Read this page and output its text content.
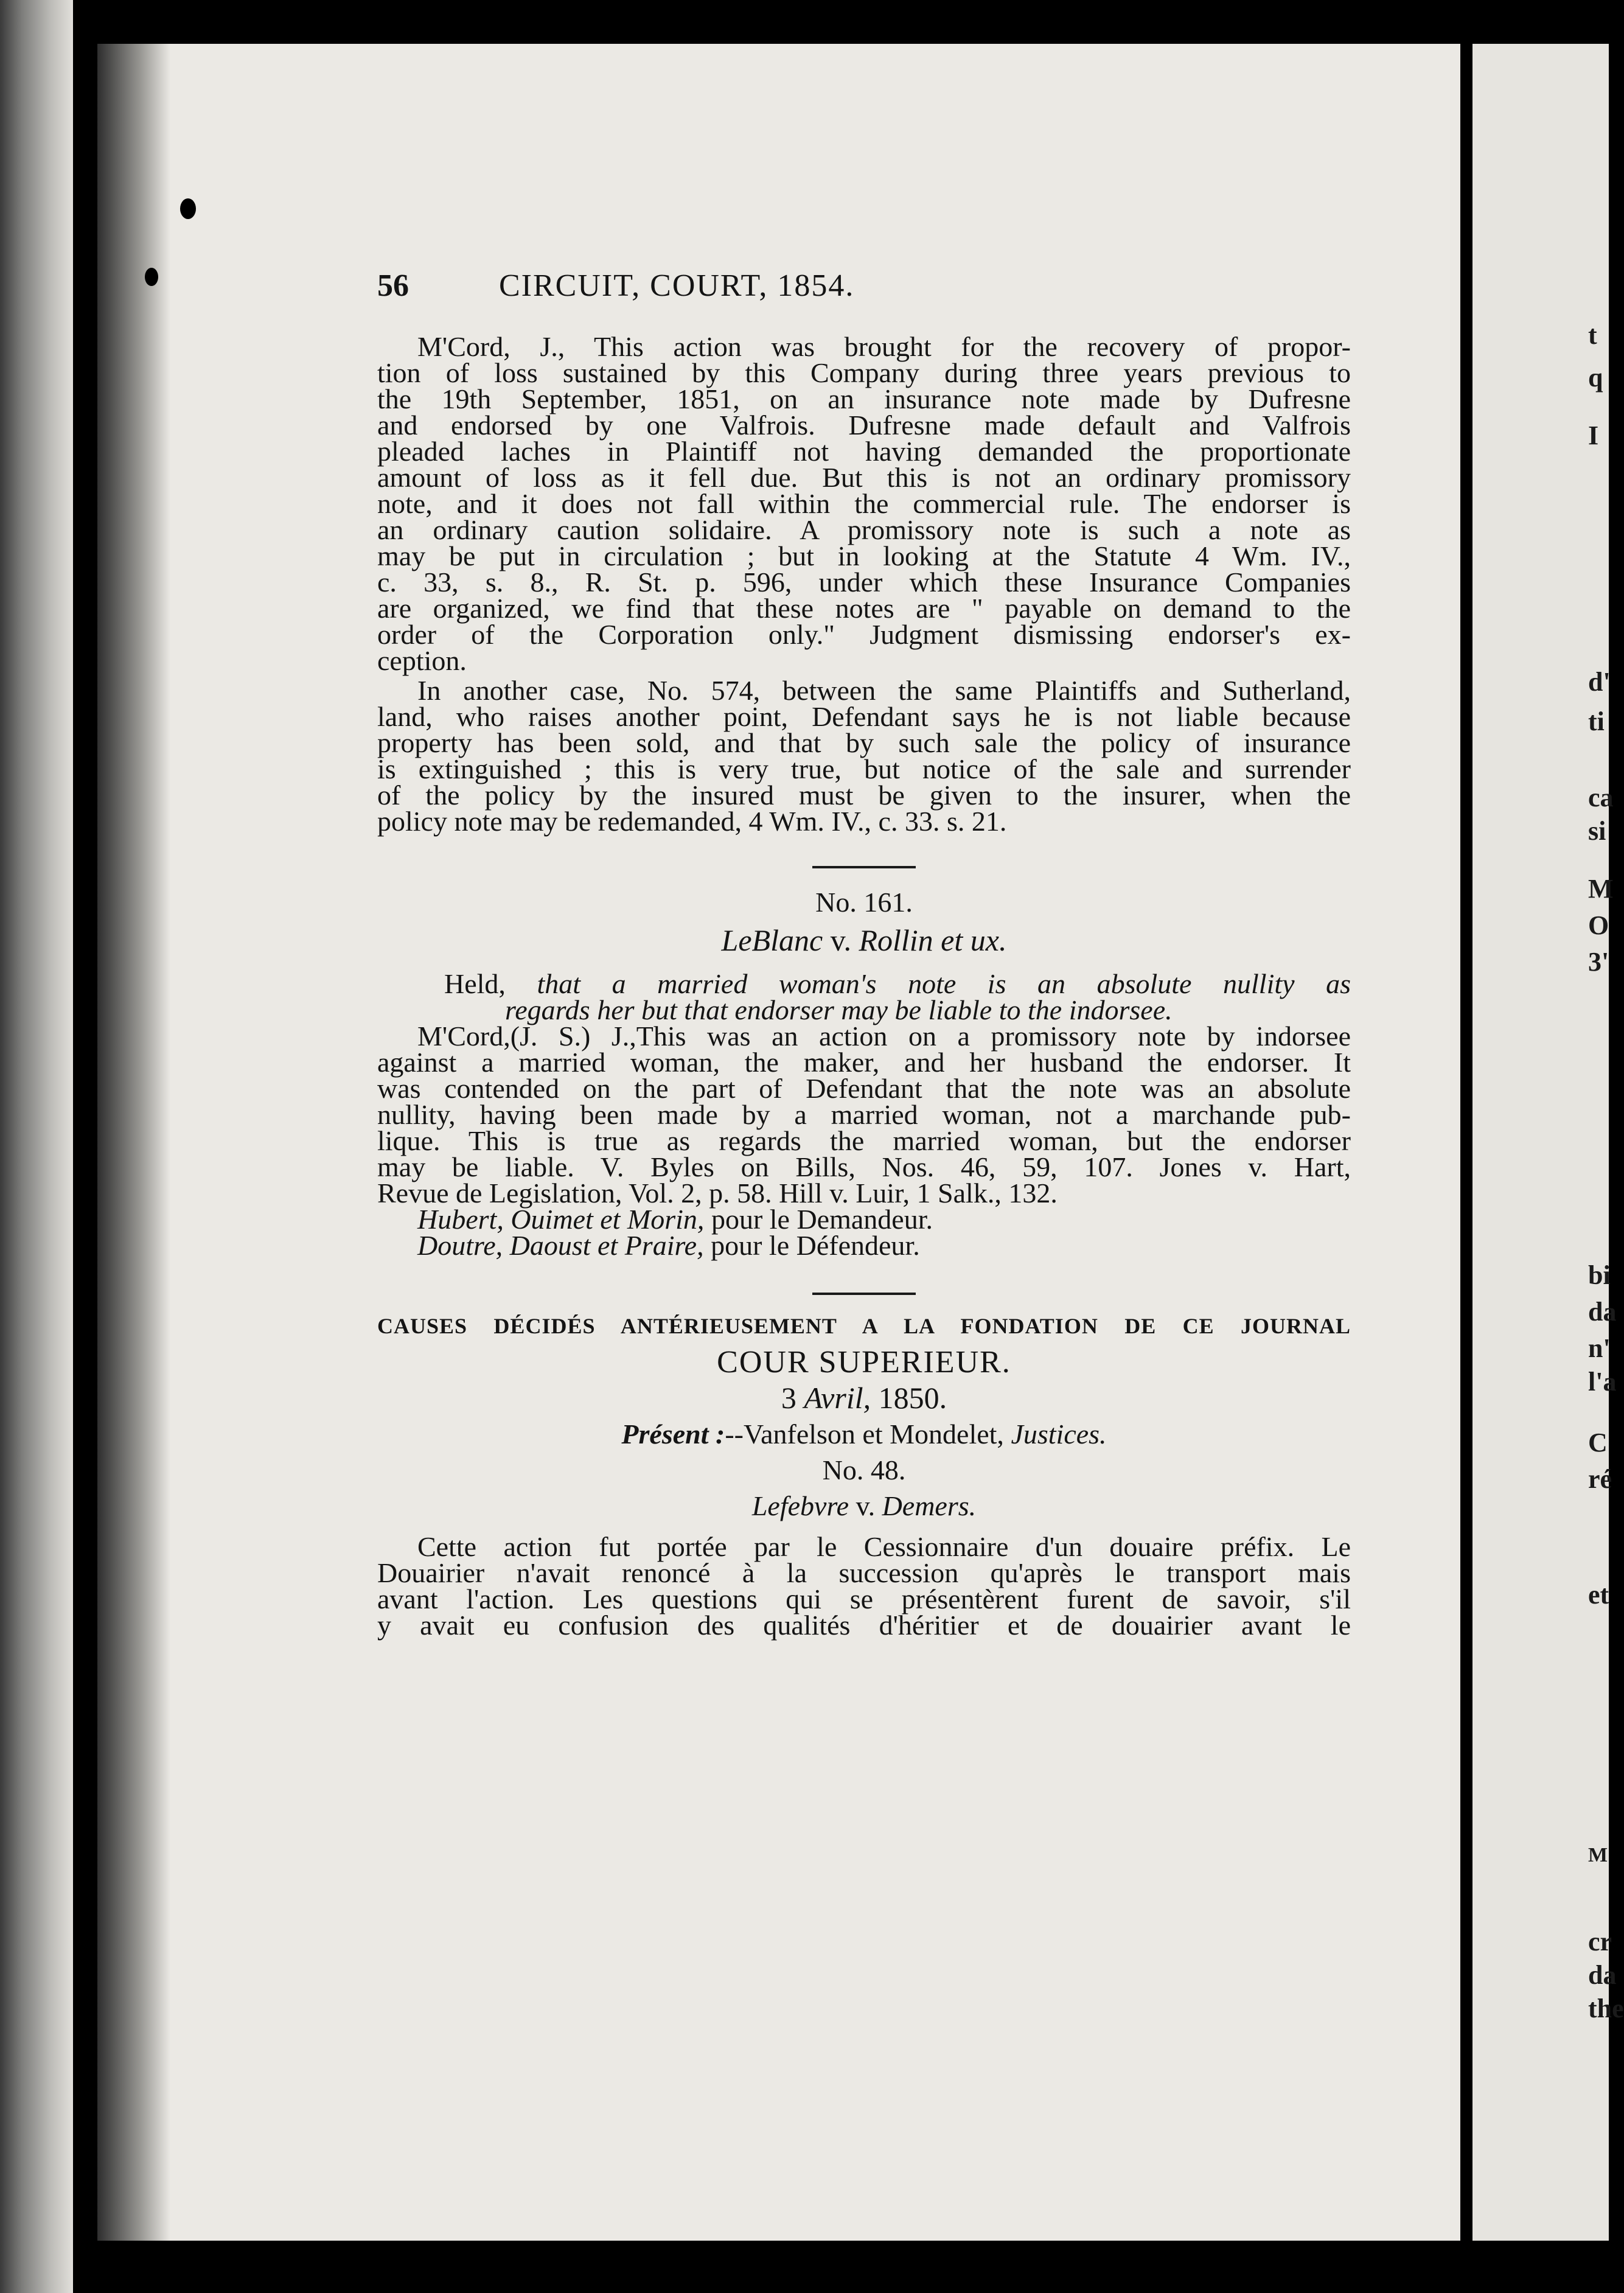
56	CIRCUIT, COURT, 1854.
M'Cord, J., This action was brought for the recovery of propor-
tion of loss sustained by this Company during three years previous to
the 19th September, 1851, on an insurance note made by Dufresne
and endorsed by one Valfrois. Dufresne made default and Valfrois
pleaded laches in Plaintiff not having demanded the proportionate
amount of loss as it fell due. But this is not an ordinary promissory
note, and it does not fall within the commercial rule. The endorser is
an ordinary caution solidaire. A promissory note is such a note as
may be put in circulation ; but in looking at the Statute 4 Wm. IV.,
c. 33, s. 8., R. St. p. 596, under which these Insurance Companies
are organized, we find that these notes are " payable on demand to the
order of the Corporation only." Judgment dismissing endorser's ex-
ception.
In another case, No. 574, between the same Plaintiffs and Sutherland,
land, who raises another point, Defendant says he is not liable because
property has been sold, and that by such sale the policy of insurance
is extinguished ; this is very true, but notice of the sale and surrender
of the policy by the insured must be given to the insurer, when the
policy note may be redemanded, 4 Wm. IV., c. 33. s. 21.
No. 161.
LeBlanc v. Rollin et ux.
Held, that a married woman's note is an absolute nullity as
regards her but that endorser may be liable to the indorsee.
M'Cord,(J. S.) J.,This was an action on a promissory note by indorsee
against a married woman, the maker, and her husband the endorser. It
was contended on the part of Defendant that the note was an absolute
nullity, having been made by a married woman, not a marchande pub-
lique. This is true as regards the married woman, but the endorser
may be liable. V. Byles on Bills, Nos. 46, 59, 107. Jones v. Hart,
Revue de Legislation, Vol. 2, p. 58. Hill v. Luir, 1 Salk., 132.
Hubert, Ouimet et Morin, pour le Demandeur.
Doutre, Daoust et Praire, pour le Défendeur.
CAUSES DÉCIDÉS ANTÉRIEUSEMENT A LA FONDATION DE CE JOURNAL
COUR SUPERIEUR.
3 Avril, 1850.
Présent :--Vanfelson et Mondelet, Justices.
No. 48.
Lefebvre v. Demers.
Cette action fut portée par le Cessionnaire d'un douaire préfix. Le
Douairier n'avait renoncé à la succession qu'après le transport mais
avant l'action. Les questions qui se présentèrent furent de savoir, s'il
y avait eu confusion des qualités d'héritier et de douairier avant le
t
q
I
d'
ti
ca
si
M
O
3'
bi
da
n'
l'a
C
ré
et
M
cr
da
the
